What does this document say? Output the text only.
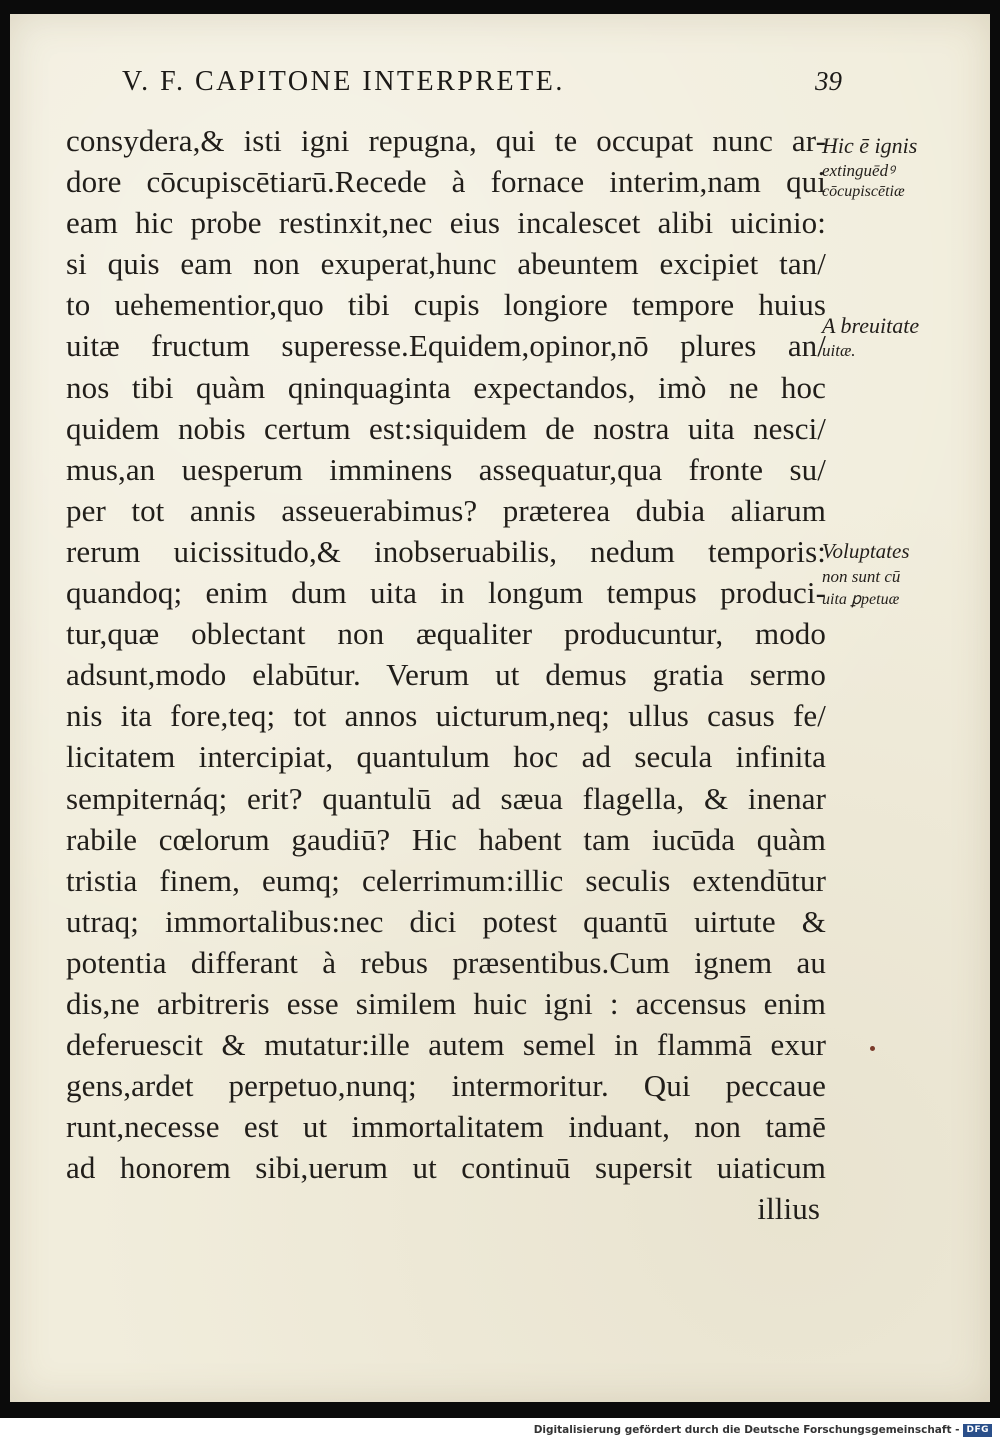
V. F. CAPITONE INTERPRETE.	39
consydera,& isti igni repugna, qui te occupat nunc ar-
dore cōcupiscētiarū.Recede à fornace interim,nam qui
eam hic probe restinxit,nec eius incalescet alibi uicinio:
si quis eam non exuperat,hunc abeuntem excipiet tan/
to uehementior,quo tibi cupis longiore tempore huius
uitæ fructum superesse.Equidem,opinor,nō plures an/
nos tibi quàm qninquaginta expectandos, imò ne hoc
quidem nobis certum est:siquidem de nostra uita nesci/
mus,an uesperum imminens assequatur,qua fronte su/
per tot annis asseuerabimus? præterea dubia aliarum
rerum uicissitudo,& inobseruabilis, nedum temporis:
quandoq; enim dum uita in longum tempus produci-
tur,quæ oblectant non æqualiter producuntur, modo
adsunt,modo elabūtur. Verum ut demus gratia sermo
nis ita fore,teq; tot annos uicturum,neq; ullus casus fe/
licitatem intercipiat, quantulum hoc ad secula infinita
sempiternáq; erit? quantulū ad sæua flagella, & inenar
rabile cœlorum gaudiū? Hic habent tam iucūda quàm
tristia finem, eumq; celerrimum:illic seculis extendūtur
utraq; immortalibus:nec dici potest quantū uirtute &
potentia differant à rebus præsentibus.Cum ignem au
dis,ne arbitreris esse similem huic igni : accensus enim
deferuescit & mutatur:ille autem semel in flammā exur
gens,ardet perpetuo,nunq; intermoritur. Qui peccaue
runt,necesse est ut immortalitatem induant, non tamē
ad honorem sibi,uerum ut continuū supersit uiaticum
illius
Hic ē ignis
extinguēdꝰ
cōcupiscētiæ
A breuitate
uitæ.
Voluptates
non sunt cū
uita ꝑpetuæ
Digitalisierung gefördert durch die Deutsche Forschungsgemeinschaft - DFG
